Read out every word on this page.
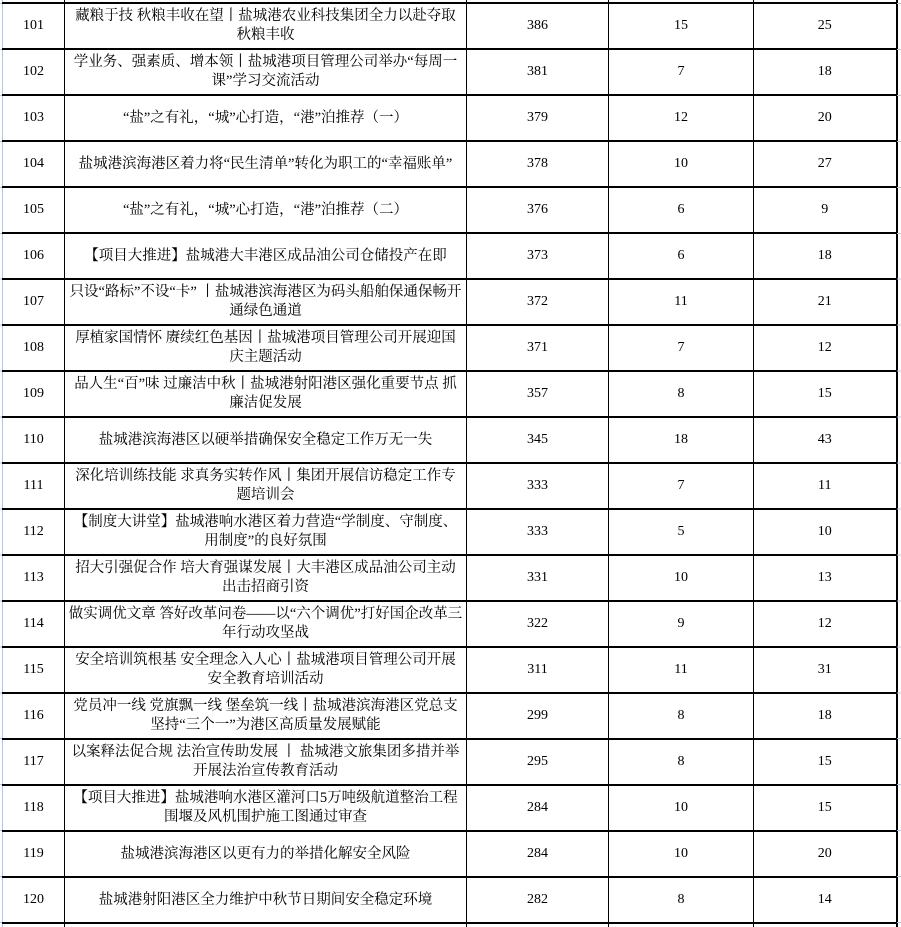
101	藏粮于技 秋粮丰收在望丨盐城港农业科技集团全力以赴夺取秋粮丰收	386	15	25
102	学业务、强素质、增本领丨盐城港项目管理公司举办“每周一课”学习交流活动	381	7	18
103	“盐”之有礼，“城”心打造，“港”泊推荐（一）	379	12	20
104	盐城港滨海港区着力将“民生清单”转化为职工的“幸福账单”	378	10	27
105	“盐”之有礼，“城”心打造，“港”泊推荐（二）	376	6	9
106	【项目大推进】盐城港大丰港区成品油公司仓储投产在即	373	6	18
107	只设“路标”不设“卡” 丨盐城港滨海港区为码头船舶保通保畅开通绿色通道	372	11	21
108	厚植家国情怀 赓续红色基因丨盐城港项目管理公司开展迎国庆主题活动	371	7	12
109	品人生“百”味 过廉洁中秋丨盐城港射阳港区强化重要节点 抓廉洁促发展	357	8	15
110	盐城港滨海港区以硬举措确保安全稳定工作万无一失	345	18	43
111	深化培训练技能 求真务实转作风丨集团开展信访稳定工作专题培训会	333	7	11
112	【制度大讲堂】盐城港响水港区着力营造“学制度、守制度、用制度”的良好氛围	333	5	10
113	招大引强促合作 培大育强谋发展丨大丰港区成品油公司主动出击招商引资	331	10	13
114	做实调优文章 答好改革问卷——以“六个调优”打好国企改革三年行动攻坚战	322	9	12
115	安全培训筑根基 安全理念入人心丨盐城港项目管理公司开展安全教育培训活动	311	11	31
116	党员冲一线 党旗飘一线 堡垒筑一线丨盐城港滨海港区党总支坚持“三个一”为港区高质量发展赋能	299	8	18
117	以案释法促合规 法治宣传助发展 丨 盐城港文旅集团多措并举开展法治宣传教育活动	295	8	15
118	【项目大推进】盐城港响水港区灌河口5万吨级航道整治工程围堰及风机围护施工图通过审查	284	10	15
119	盐城港滨海港区以更有力的举措化解安全风险	284	10	20
120	盐城港射阳港区全力维护中秋节日期间安全稳定环境	282	8	14
